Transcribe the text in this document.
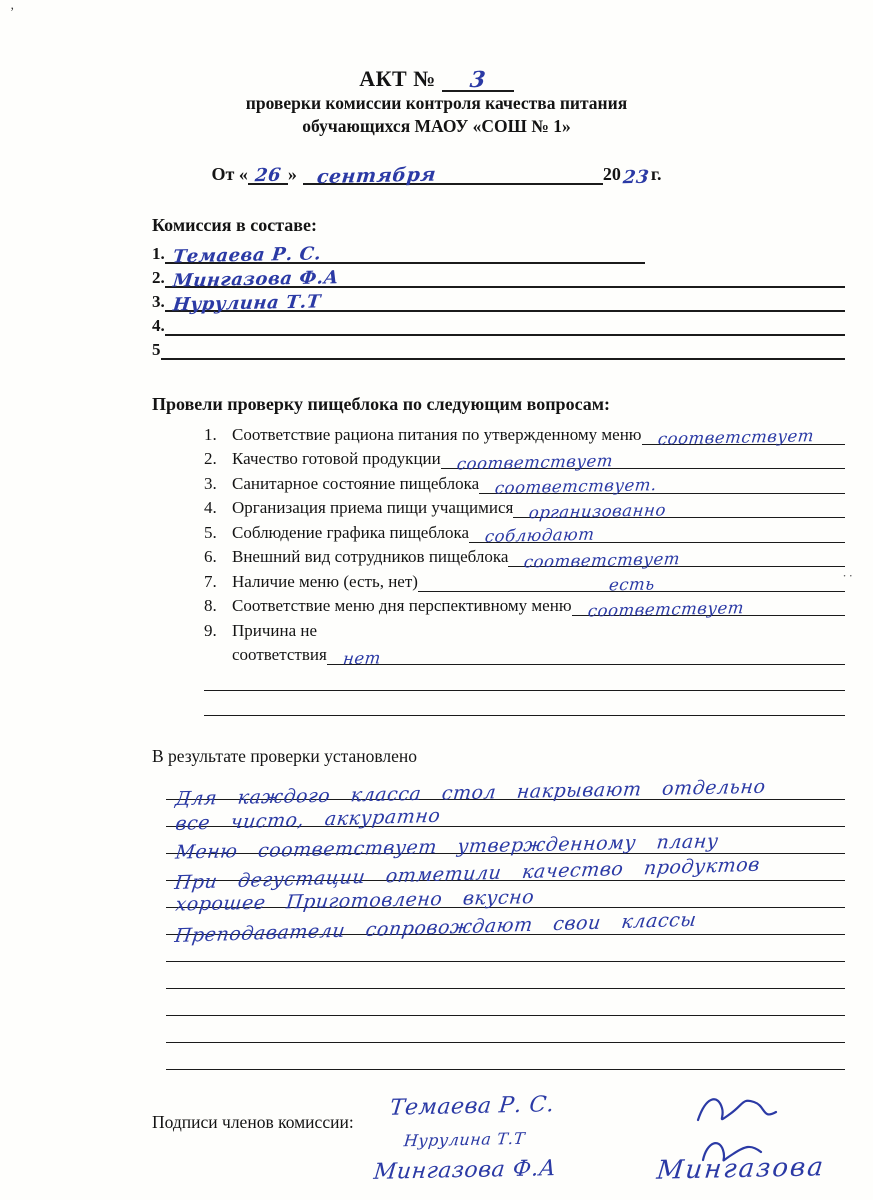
’
··
АКТ № 3
проверки комиссии контроля качества питания
обучающихся МАОУ «СОШ № 1»
От « 26 » сентября	20 23 г.
Комиссия в составе:
1. Темаева Р. С.
2. Мингазова Ф.А
3. Нурулина Т.Т
4.
5
Провели проверку пищеблока по следующим вопросам:
1. Соответствие рациона питания по утвержденному меню соответствует
2. Качество готовой продукции соответствует
3. Санитарное состояние пищеблока соответствует.
4. Организация приема пищи учащимися организованно
5. Соблюдение графика пищеблока соблюдают
6. Внешний вид сотрудников пищеблока соответствует
7. Наличие меню (есть, нет)	есть
8. Соответствие меню дня перспективному меню соответствует
9. Причина не
соответствия нет
В результате проверки установлено
Для каждого класса стол накрывают отдельно
все чисто, аккуратно
Меню соответствует утвержденному плану
При дегустации отметили качество продуктов
хорошее Приготовлено вкусно
Преподаватели сопровождают свои классы
Подписи членов комиссии:
Темаева Р. С.
Нурулина Т.Т
Мингазова Ф.А	Мингазова
